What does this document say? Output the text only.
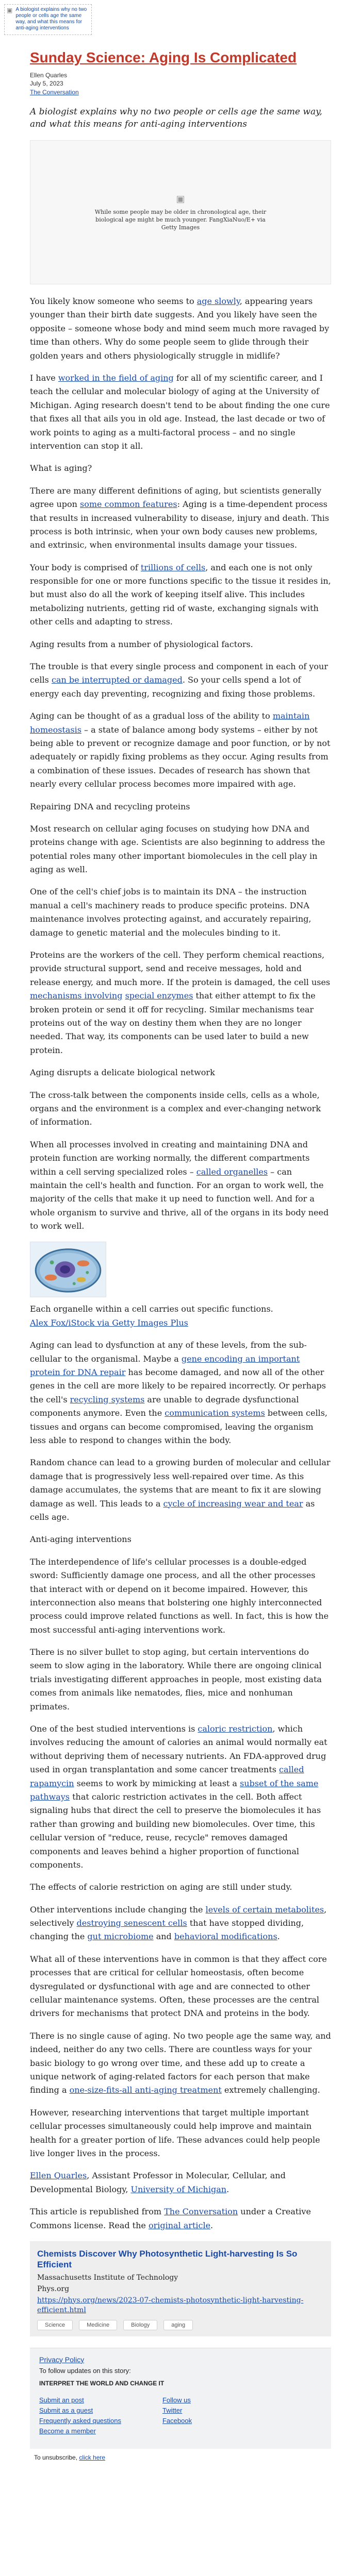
▣ A biologist explains why no two people or cells age the same way, and what this means for anti-aging interventions
Sunday Science: Aging Is Complicated
Ellen Quarles
July 5, 2023
The Conversation

A biologist explains why no two people or cells age the same way, and what this means for anti-aging interventions

▣
While some people may be older in chronological age, their biological age might be much younger. FangXiaNuo/E+ via Getty Images

You likely know someone who seems to age slowly, appearing years younger than their birth date suggests. And you likely have seen the opposite – someone whose body and mind seem much more ravaged by time than others. Why do some people seem to glide through their golden years and others physiologically struggle in midlife?

I have worked in the field of aging for all of my scientific career, and I teach the cellular and molecular biology of aging at the University of Michigan. Aging research doesn't tend to be about finding the one cure that fixes all that ails you in old age. Instead, the last decade or two of work points to aging as a multi-factoral process – and no single intervention can stop it all.

What is aging?

There are many different definitions of aging, but scientists generally agree upon some common features: Aging is a time-dependent process that results in increased vulnerability to disease, injury and death. This process is both intrinsic, when your own body causes new problems, and extrinsic, when environmental insults damage your tissues.

Your body is comprised of trillions of cells, and each one is not only responsible for one or more functions specific to the tissue it resides in, but must also do all the work of keeping itself alive. This includes metabolizing nutrients, getting rid of waste, exchanging signals with other cells and adapting to stress.

Aging results from a number of physiological factors.

The trouble is that every single process and component in each of your cells can be interrupted or damaged. So your cells spend a lot of energy each day preventing, recognizing and fixing those problems.

Aging can be thought of as a gradual loss of the ability to maintain homeostasis – a state of balance among body systems – either by not being able to prevent or recognize damage and poor function, or by not adequately or rapidly fixing problems as they occur. Aging results from a combination of these issues. Decades of research has shown that nearly every cellular process becomes more impaired with age.

Repairing DNA and recycling proteins

Most research on cellular aging focuses on studying how DNA and proteins change with age. Scientists are also beginning to address the potential roles many other important biomolecules in the cell play in aging as well.

One of the cell's chief jobs is to maintain its DNA – the instruction manual a cell's machinery reads to produce specific proteins. DNA maintenance involves protecting against, and accurately repairing, damage to genetic material and the molecules binding to it.

Proteins are the workers of the cell. They perform chemical reactions, provide structural support, send and receive messages, hold and release energy, and much more. If the protein is damaged, the cell uses mechanisms involving special enzymes that either attempt to fix the broken protein or send it off for recycling. Similar mechanisms tear proteins out of the way on destiny them when they are no longer needed. That way, its components can be used later to build a new protein.

Aging disrupts a delicate biological network

The cross-talk between the components inside cells, cells as a whole, organs and the environment is a complex and ever-changing network of information.

When all processes involved in creating and maintaining DNA and protein function are working normally, the different compartments within a cell serving specialized roles – called organelles – can maintain the cell's health and function. For an organ to work well, the majority of the cells that make it up need to function well. And for a whole organism to survive and thrive, all of the organs in its body need to work well.

Each organelle within a cell carries out specific functions.
Alex Fox/iStock via Getty Images Plus

Aging can lead to dysfunction at any of these levels, from the sub-cellular to the organismal. Maybe a gene encoding an important protein for DNA repair has become damaged, and now all of the other genes in the cell are more likely to be repaired incorrectly. Or perhaps the cell's recycling systems are unable to degrade dysfunctional components anymore. Even the communication systems between cells, tissues and organs can become compromised, leaving the organism less able to respond to changes within the body.

Random chance can lead to a growing burden of molecular and cellular damage that is progressively less well-repaired over time. As this damage accumulates, the systems that are meant to fix it are slowing damage as well. This leads to a cycle of increasing wear and tear as cells age.

Anti-aging interventions

The interdependence of life's cellular processes is a double-edged sword: Sufficiently damage one process, and all the other processes that interact with or depend on it become impaired. However, this interconnection also means that bolstering one highly interconnected process could improve related functions as well. In fact, this is how the most successful anti-aging interventions work.

There is no silver bullet to stop aging, but certain interventions do seem to slow aging in the laboratory. While there are ongoing clinical trials investigating different approaches in people, most existing data comes from animals like nematodes, flies, mice and nonhuman primates.

One of the best studied interventions is caloric restriction, which involves reducing the amount of calories an animal would normally eat without depriving them of necessary nutrients. An FDA-approved drug used in organ transplantation and some cancer treatments called rapamycin seems to work by mimicking at least a subset of the same pathways that caloric restriction activates in the cell. Both affect signaling hubs that direct the cell to preserve the biomolecules it has rather than growing and building new biomolecules. Over time, this cellular version of "reduce, reuse, recycle" removes damaged components and leaves behind a higher proportion of functional components.

The effects of calorie restriction on aging are still under study.

Other interventions include changing the levels of certain metabolites, selectively destroying senescent cells that have stopped dividing, changing the gut microbiome and behavioral modifications.

What all of these interventions have in common is that they affect core processes that are critical for cellular homeostasis, often become dysregulated or dysfunctional with age and are connected to other cellular maintenance systems. Often, these processes are the central drivers for mechanisms that protect DNA and proteins in the body.

There is no single cause of aging. No two people age the same way, and indeed, neither do any two cells. There are countless ways for your basic biology to go wrong over time, and these add up to create a unique network of aging-related factors for each person that make finding a one-size-fits-all anti-aging treatment extremely challenging.

However, researching interventions that target multiple important cellular processes simultaneously could help improve and maintain health for a greater portion of life. These advances could help people live longer lives in the process.

Ellen Quarles, Assistant Professor in Molecular, Cellular, and Developmental Biology, University of Michigan.

This article is republished from The Conversation under a Creative Commons license. Read the original article.

Chemists Discover Why Photosynthetic Light-harvesting Is So Efficient

Massachusetts Institute of Technology

Phys.org

https://phys.org/news/2023-07-chemists-photosynthetic-light-harvesting-efficient.html

Science	Medicine	Biology	aging
Privacy Policy

To follow updates on this story:

INTERPRET THE WORLD AND CHANGE IT
Submit an post
Submit as a guest
Frequently asked questions
Become a member
Follow us
Twitter
Facebook
To unsubscribe, click here
